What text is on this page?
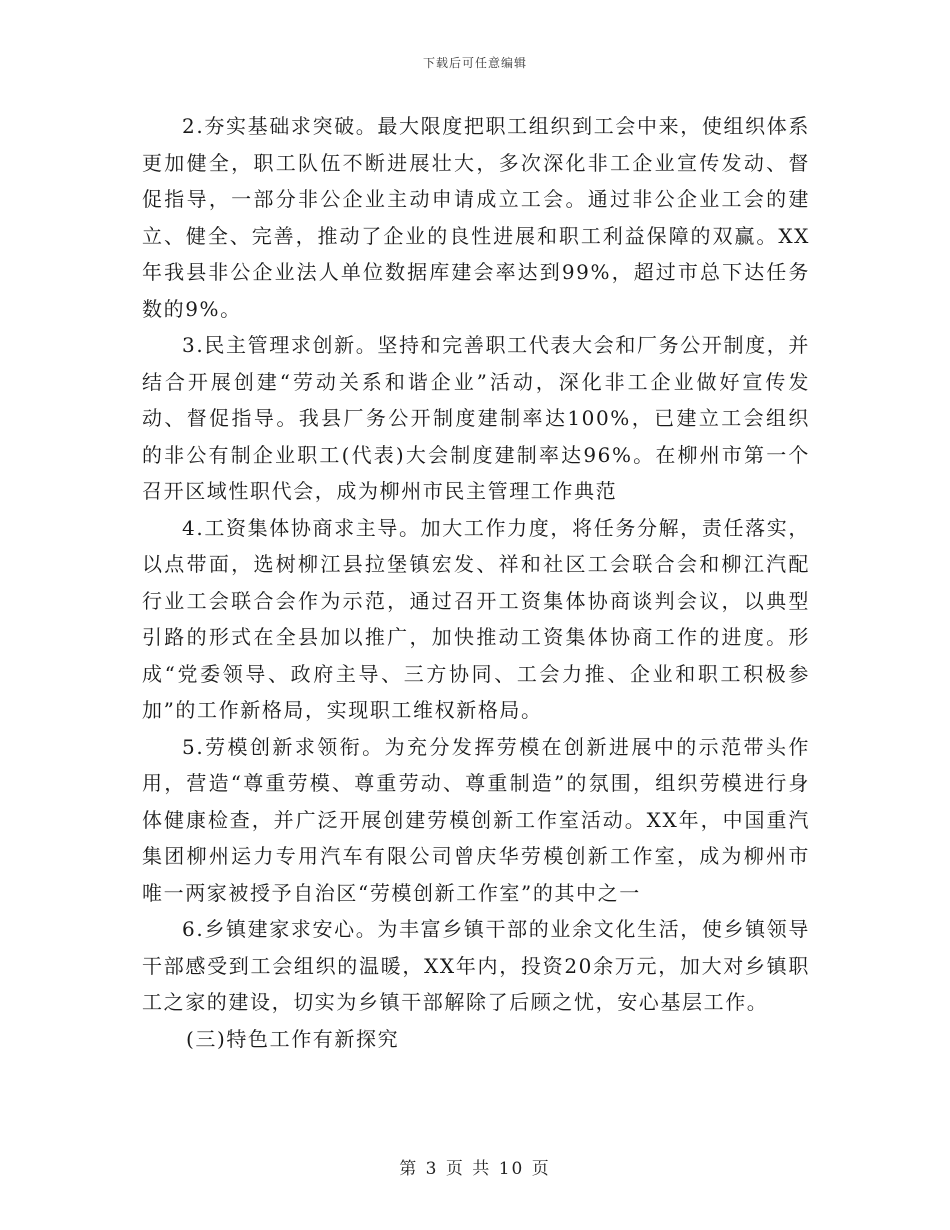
下载后可任意编辑

2.夯实基础求突破。最大限度把职工组织到工会中来，使组织体系更加健全，职工队伍不断进展壮大，多次深化非工企业宣传发动、督促指导，一部分非公企业主动申请成立工会。通过非公企业工会的建立、健全、完善，推动了企业的良性进展和职工利益保障的双赢。XX年我县非公企业法人单位数据库建会率达到99%，超过市总下达任务数的9%。

3.民主管理求创新。坚持和完善职工代表大会和厂务公开制度，并结合开展创建“劳动关系和谐企业”活动，深化非工企业做好宣传发动、督促指导。我县厂务公开制度建制率达100%，已建立工会组织的非公有制企业职工(代表)大会制度建制率达96%。在柳州市第一个召开区域性职代会，成为柳州市民主管理工作典范

4.工资集体协商求主导。加大工作力度，将任务分解，责任落实，以点带面，选树柳江县拉堡镇宏发、祥和社区工会联合会和柳江汽配行业工会联合会作为示范，通过召开工资集体协商谈判会议，以典型引路的形式在全县加以推广，加快推动工资集体协商工作的进度。形成“党委领导、政府主导、三方协同、工会力推、企业和职工积极参加”的工作新格局，实现职工维权新格局。

5.劳模创新求领衔。为充分发挥劳模在创新进展中的示范带头作用，营造“尊重劳模、尊重劳动、尊重制造”的氛围，组织劳模进行身体健康检查，并广泛开展创建劳模创新工作室活动。XX年，中国重汽集团柳州运力专用汽车有限公司曾庆华劳模创新工作室，成为柳州市唯一两家被授予自治区“劳模创新工作室”的其中之一

6.乡镇建家求安心。为丰富乡镇干部的业余文化生活，使乡镇领导干部感受到工会组织的温暖，XX年内，投资20余万元，加大对乡镇职工之家的建设，切实为乡镇干部解除了后顾之忧，安心基层工作。

(三)特色工作有新探究

第 3 页 共 10 页
